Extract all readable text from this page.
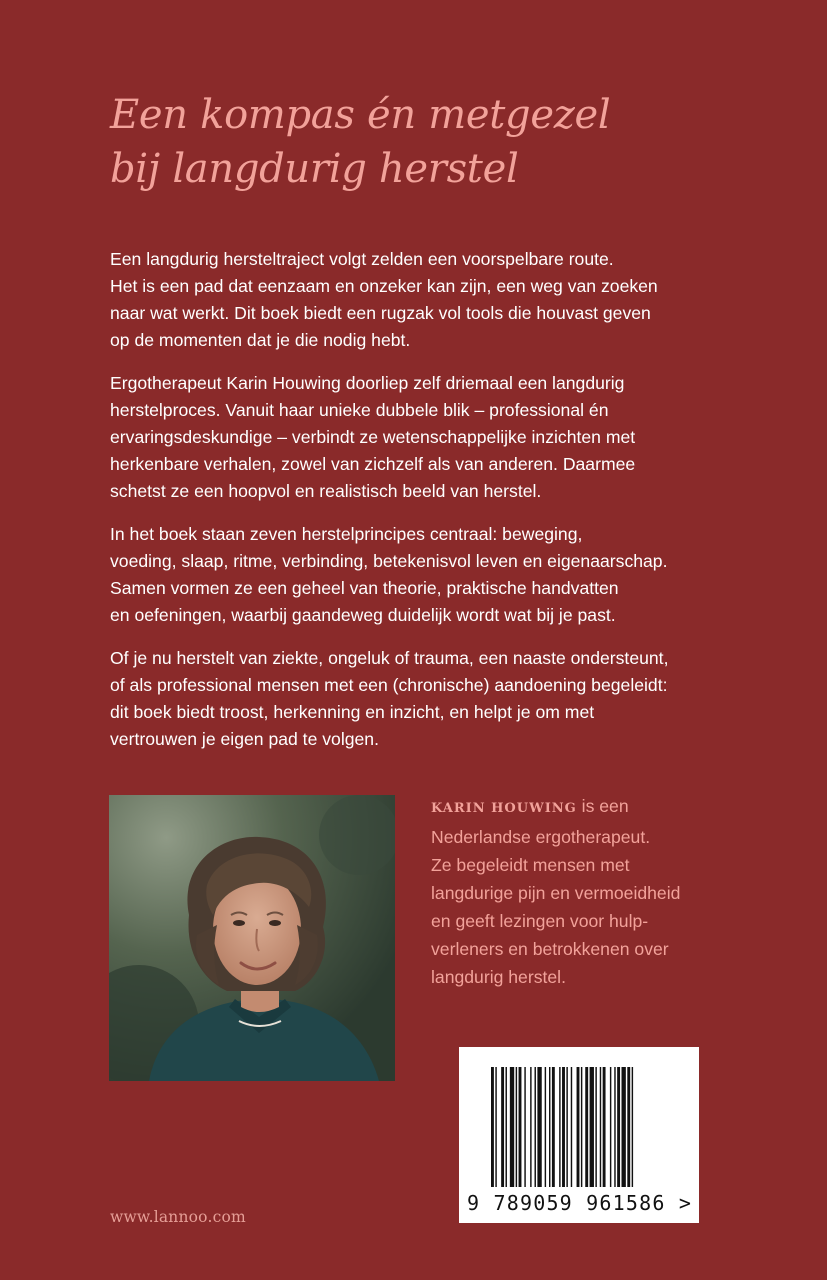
Een kompas én metgezel
bij langdurig herstel

Een langdurig hersteltraject volgt zelden een voorspelbare route.
Het is een pad dat eenzaam en onzeker kan zijn, een weg van zoeken
naar wat werkt. Dit boek biedt een rugzak vol tools die houvast geven
op de momenten dat je die nodig hebt.

Ergotherapeut Karin Houwing doorliep zelf driemaal een langdurig
herstelproces. Vanuit haar unieke dubbele blik – professional én
ervaringsdeskundige – verbindt ze wetenschappelijke inzichten met
herkenbare verhalen, zowel van zichzelf als van anderen. Daarmee
schetst ze een hoopvol en realistisch beeld van herstel.

In het boek staan zeven herstelprincipes centraal: beweging,
voeding, slaap, ritme, verbinding, betekenisvol leven en eigenaarschap.
Samen vormen ze een geheel van theorie, praktische handvatten
en oefeningen, waarbij gaandeweg duidelijk wordt wat bij je past.

Of je nu herstelt van ziekte, ongeluk of trauma, een naaste ondersteunt,
of als professional mensen met een (chronische) aandoening begeleidt:
dit boek biedt troost, herkenning en inzicht, en helpt je om met
vertrouwen je eigen pad te volgen.

KARIN HOUWING is een
Nederlandse ergotherapeut.
Ze begeleidt mensen met
langdurige pijn en vermoeidheid
en geeft lezingen voor hulp-
verleners en betrokkenen over
langdurig herstel.
9 789059 961586 >
www.lannoo.com
